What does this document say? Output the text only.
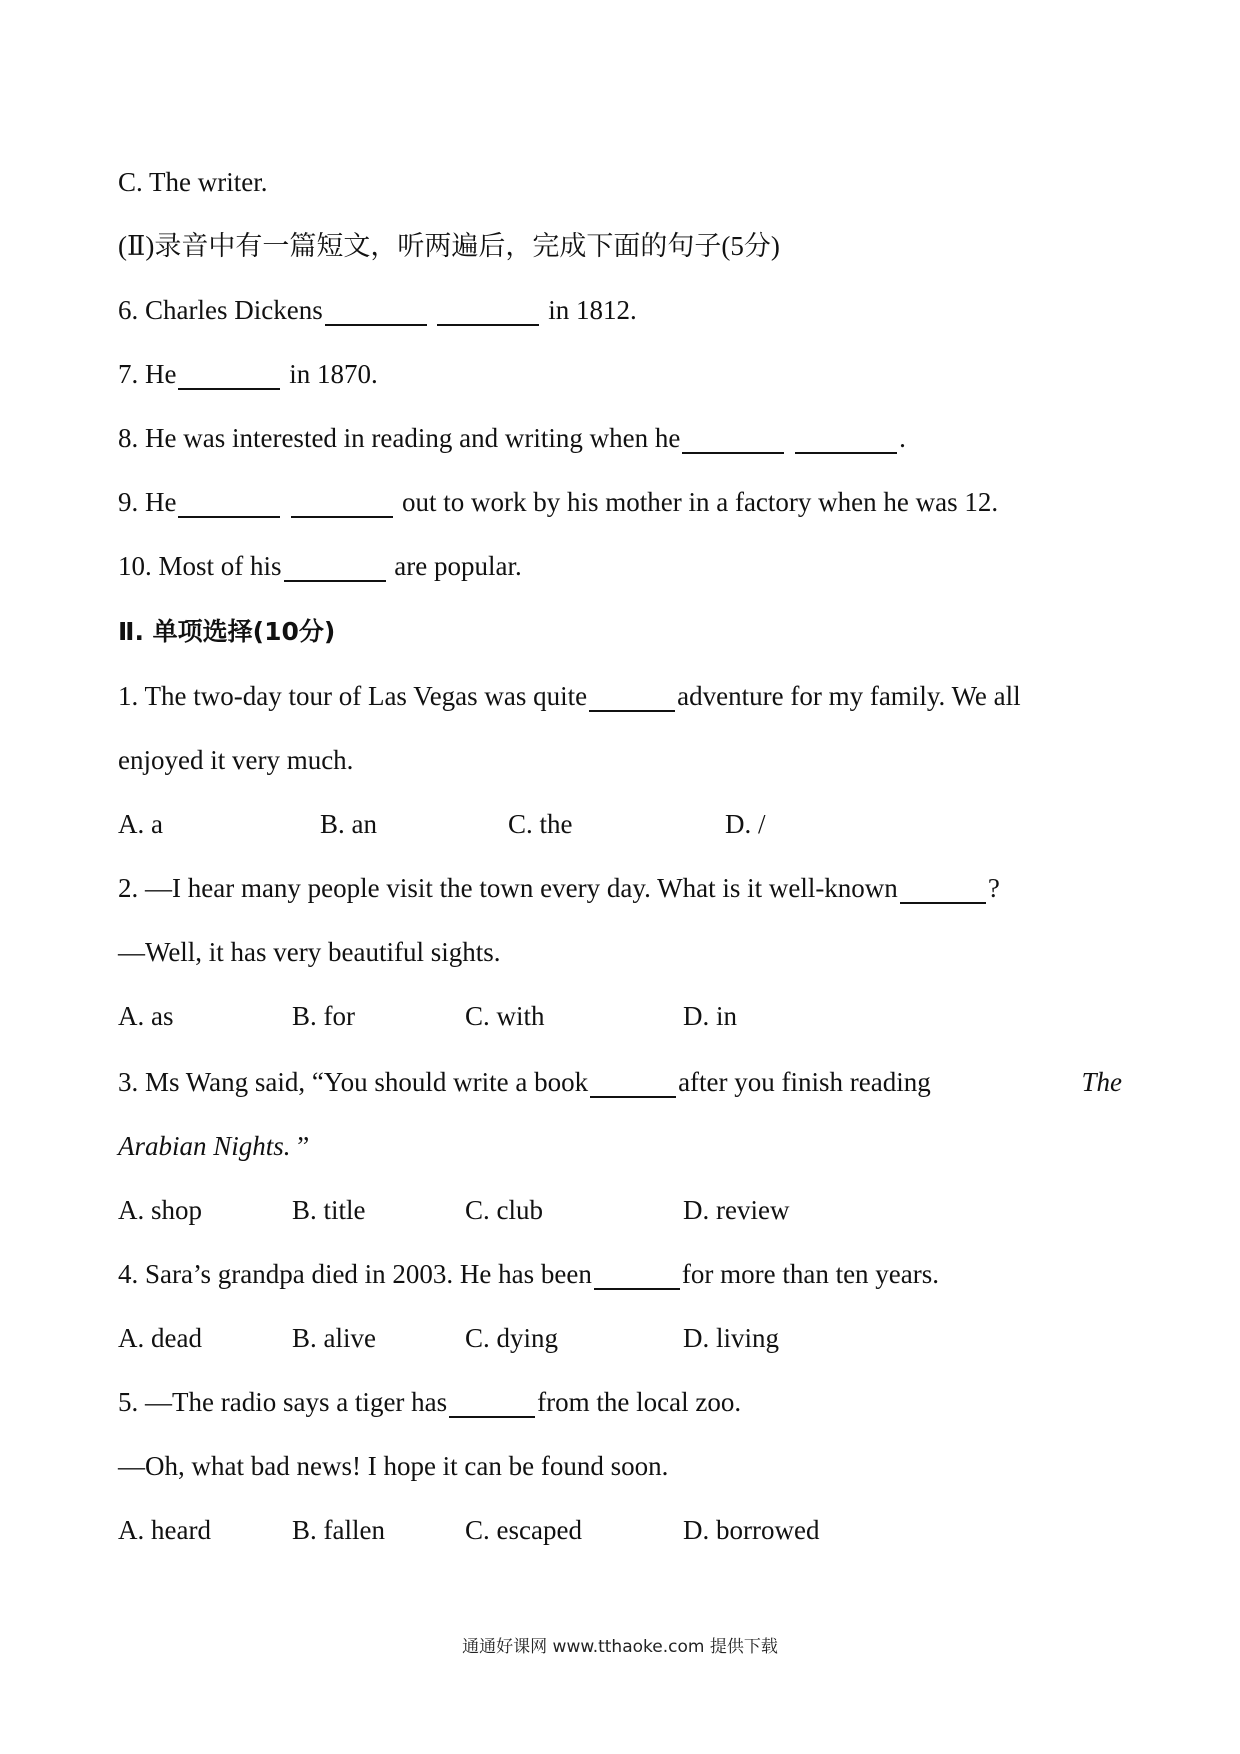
C. The writer.
(Ⅱ)录音中有一篇短文，听两遍后，完成下面的句子(5分)
6. Charles Dickens	in 1812.
7. He	in 1870.
8. He was interested in reading and writing when he	.
9. He	out to work by his mother in a factory when he was 12.
10. Most of his	are popular.
Ⅱ. 单项选择(10分)
1. The two-day tour of Las Vegas was quite	adventure for my family. We all
enjoyed it very much.
A. a	B. an	C. the	D. /
2. —I hear many people visit the town every day. What is it well-known	?
—Well, it has very beautiful sights.
A. as	B. for	C. with	D. in
3. Ms Wang said, “You should write a book	after you finish reading	The
Arabian Nights. ”
A. shop	B. title	C. club	D. review
4. Sara’s grandpa died in 2003. He has been	for more than ten years.
A. dead	B. alive	C. dying	D. living
5. —The radio says a tiger has	from the local zoo.
—Oh, what bad news! I hope it can be found soon.
A. heard	B. fallen	C. escaped	D. borrowed
通通好课网 www.tthaoke.com 提供下载
